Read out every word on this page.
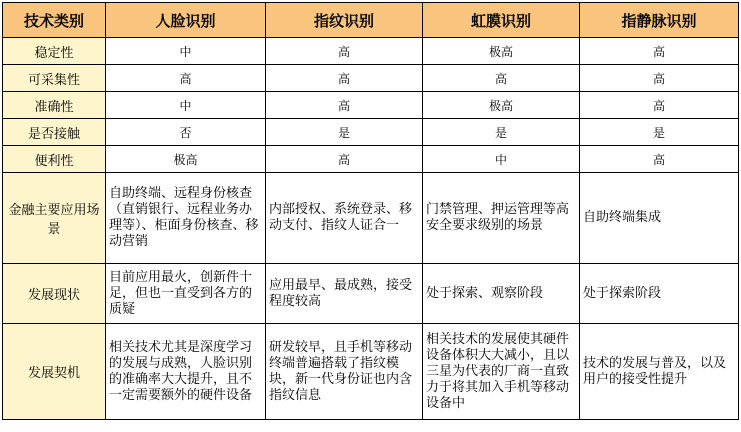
技术类别	人脸识别	指纹识别	虹膜识别	指静脉识别
稳定性	中	高	极高	高
可采集性	高	高	高	高
准确性	中	高	极高	高
是否接触	否	是	是	是
便利性	极高	高	中	高
金融主要应用场景	自助终端、远程身份核查（直销银行、远程业务办理等）、柜面身份核查、移动营销	内部授权、系统登录、移动支付、指纹人证合一	门禁管理、押运管理等高安全要求级别的场景	自助终端集成
发展现状	目前应用最火，创新件十足，但也一直受到各方的质疑	应用最早、最成熟，接受程度较高	处于探索、观察阶段	处于探索阶段
发展契机	相关技术尤其是深度学习的发展与成熟，人脸识别的准确率大大提升，且不一定需要额外的硬件设备	研发较早，且手机等移动终端普遍搭载了指纹模块，新一代身份证也内含指纹信息	相关技术的发展使其硬件设备体积大大减小，且以三星为代表的厂商一直致力于将其加入手机等移动设备中	技术的发展与普及，以及用户的接受性提升
